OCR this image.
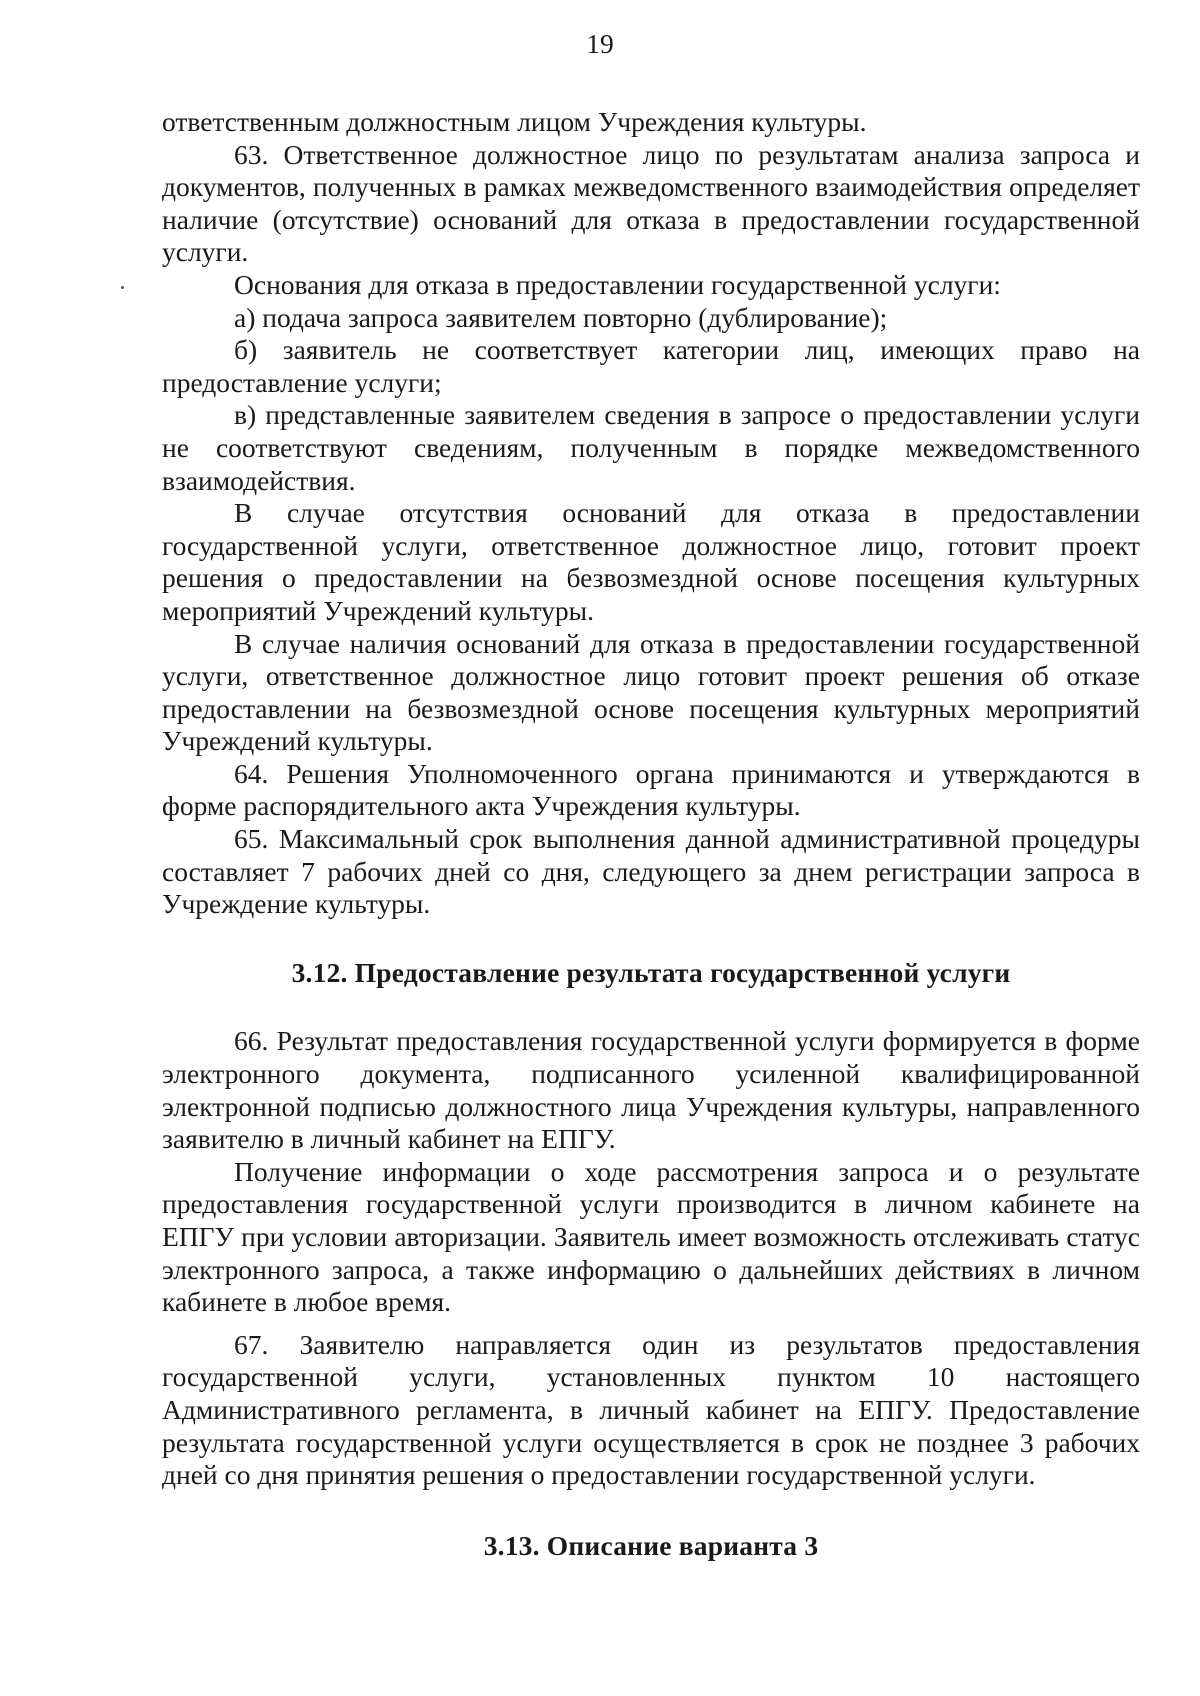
19

ответственным должностным лицом Учреждения культуры.

63. Ответственное должностное лицо по результатам анализа запроса и документов, полученных в рамках межведомственного взаимодействия определяет наличие (отсутствие) оснований для отказа в предоставлении государственной услуги.

Основания для отказа в предоставлении государственной услуги:

а) подача запроса заявителем повторно (дублирование);

б) заявитель не соответствует категории лиц, имеющих право на предоставление услуги;

в) представленные заявителем сведения в запросе о предоставлении услуги не соответствуют сведениям, полученным в порядке межведомственного взаимодействия.

В случае отсутствия оснований для отказа в предоставлении государственной услуги, ответственное должностное лицо, готовит проект решения о предоставлении на безвозмездной основе посещения культурных мероприятий Учреждений культуры.

В случае наличия оснований для отказа в предоставлении государственной услуги, ответственное должностное лицо готовит проект решения об отказе предоставлении на безвозмездной основе посещения культурных мероприятий Учреждений культуры.

64. Решения Уполномоченного органа принимаются и утверждаются в форме распорядительного акта Учреждения культуры.

65. Максимальный срок выполнения данной административной процедуры составляет 7 рабочих дней со дня, следующего за днем регистрации запроса в Учреждение культуры.

3.12. Предоставление результата государственной услуги

66. Результат предоставления государственной услуги формируется в форме электронного документа, подписанного усиленной квалифицированной электронной подписью должностного лица Учреждения культуры, направленного заявителю в личный кабинет на ЕПГУ.

Получение информации о ходе рассмотрения запроса и о результате предоставления государственной услуги производится в личном кабинете на ЕПГУ при условии авторизации. Заявитель имеет возможность отслеживать статус электронного запроса, а также информацию о дальнейших действиях в личном кабинете в любое время.

67. Заявителю направляется один из результатов предоставления государственной услуги, установленных пунктом 10 настоящего Административного регламента, в личный кабинет на ЕПГУ. Предоставление результата государственной услуги осуществляется в срок не позднее 3 рабочих дней со дня принятия решения о предоставлении государственной услуги.

3.13. Описание варианта 3
